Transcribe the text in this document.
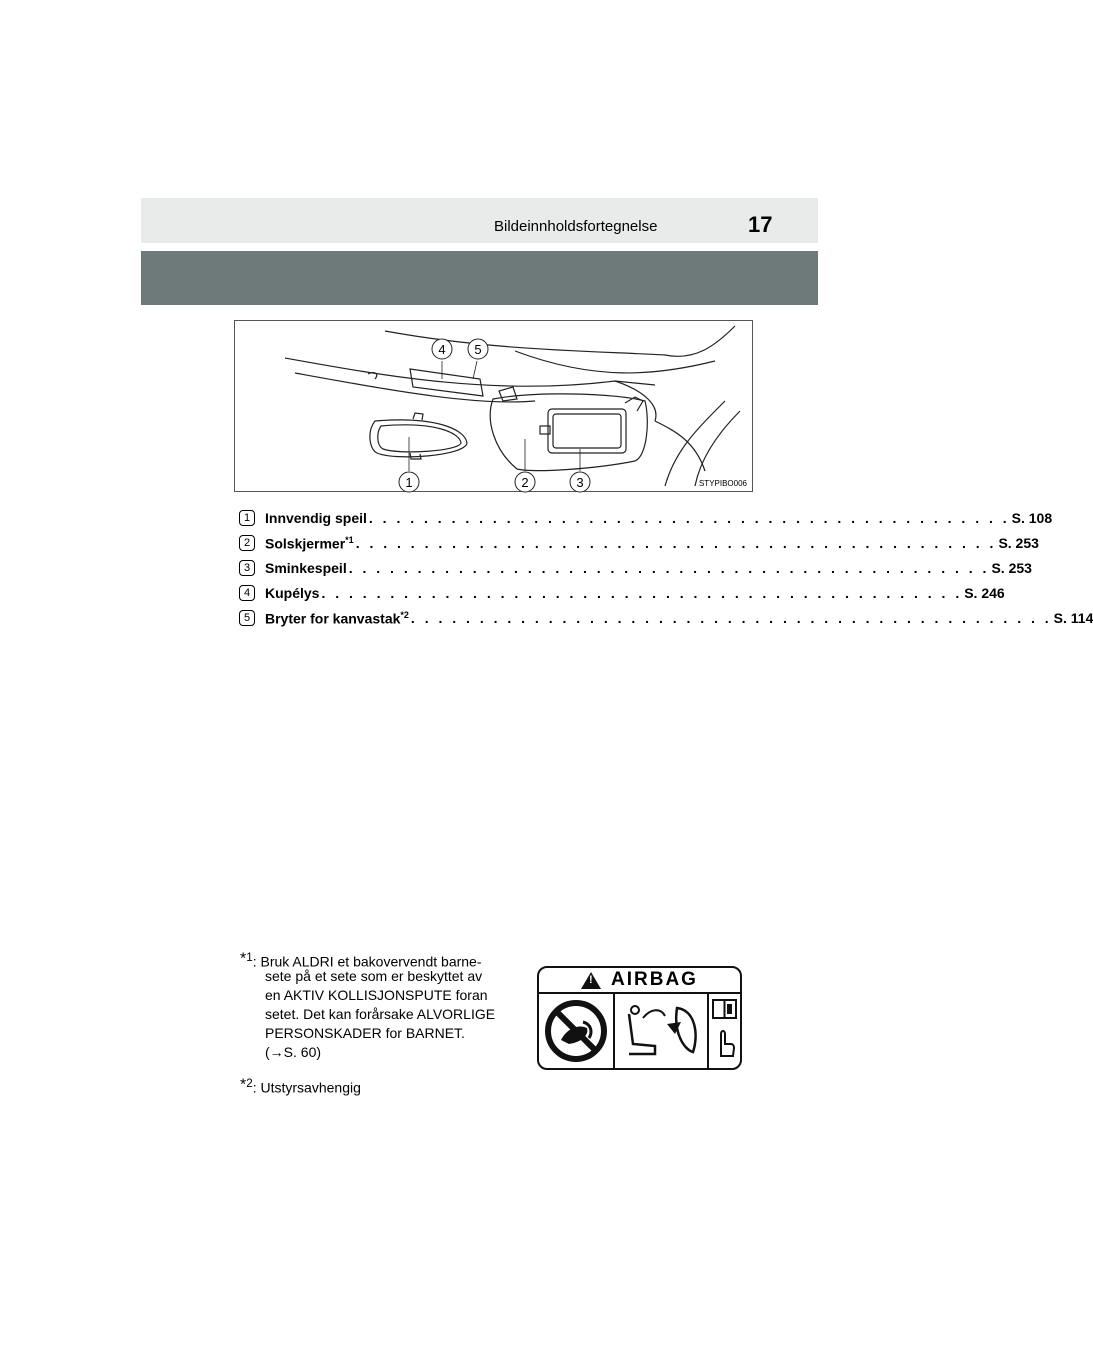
Bildeinnholdsfortegnelse	17
4 5
1	2	3	STYPIBO006
1	Innvendig speil . . . . . . . . . . . . . . . . . . . . . . . . . . . . . . . . . . . . . . . . . . . . . . . S. 108
2	Solskjermer$^{*1}$ . . . . . . . . . . . . . . . . . . . . . . . . . . . . . . . . . . . . . . . . . . . . . . . S. 253
3	Sminkespeil . . . . . . . . . . . . . . . . . . . . . . . . . . . . . . . . . . . . . . . . . . . . . . . S. 253
4	Kupélys . . . . . . . . . . . . . . . . . . . . . . . . . . . . . . . . . . . . . . . . . . . . . . . S. 246
5	Bryter for kanvastak$^{*2}$ . . . . . . . . . . . . . . . . . . . . . . . . . . . . . . . . . . . . . . . . . . . . . . . S. 114
*$^1$: Bruk ALDRI et bakovervendt barne-
sete på et sete som er beskyttet av
en AKTIV KOLLISJONSPUTE foran
setet. Det kan forårsake ALVORLIGE
PERSONSKADER for BARNET.
(→S. 60)
*$^2$: Utstyrsavhengig
!
AIRBAG
